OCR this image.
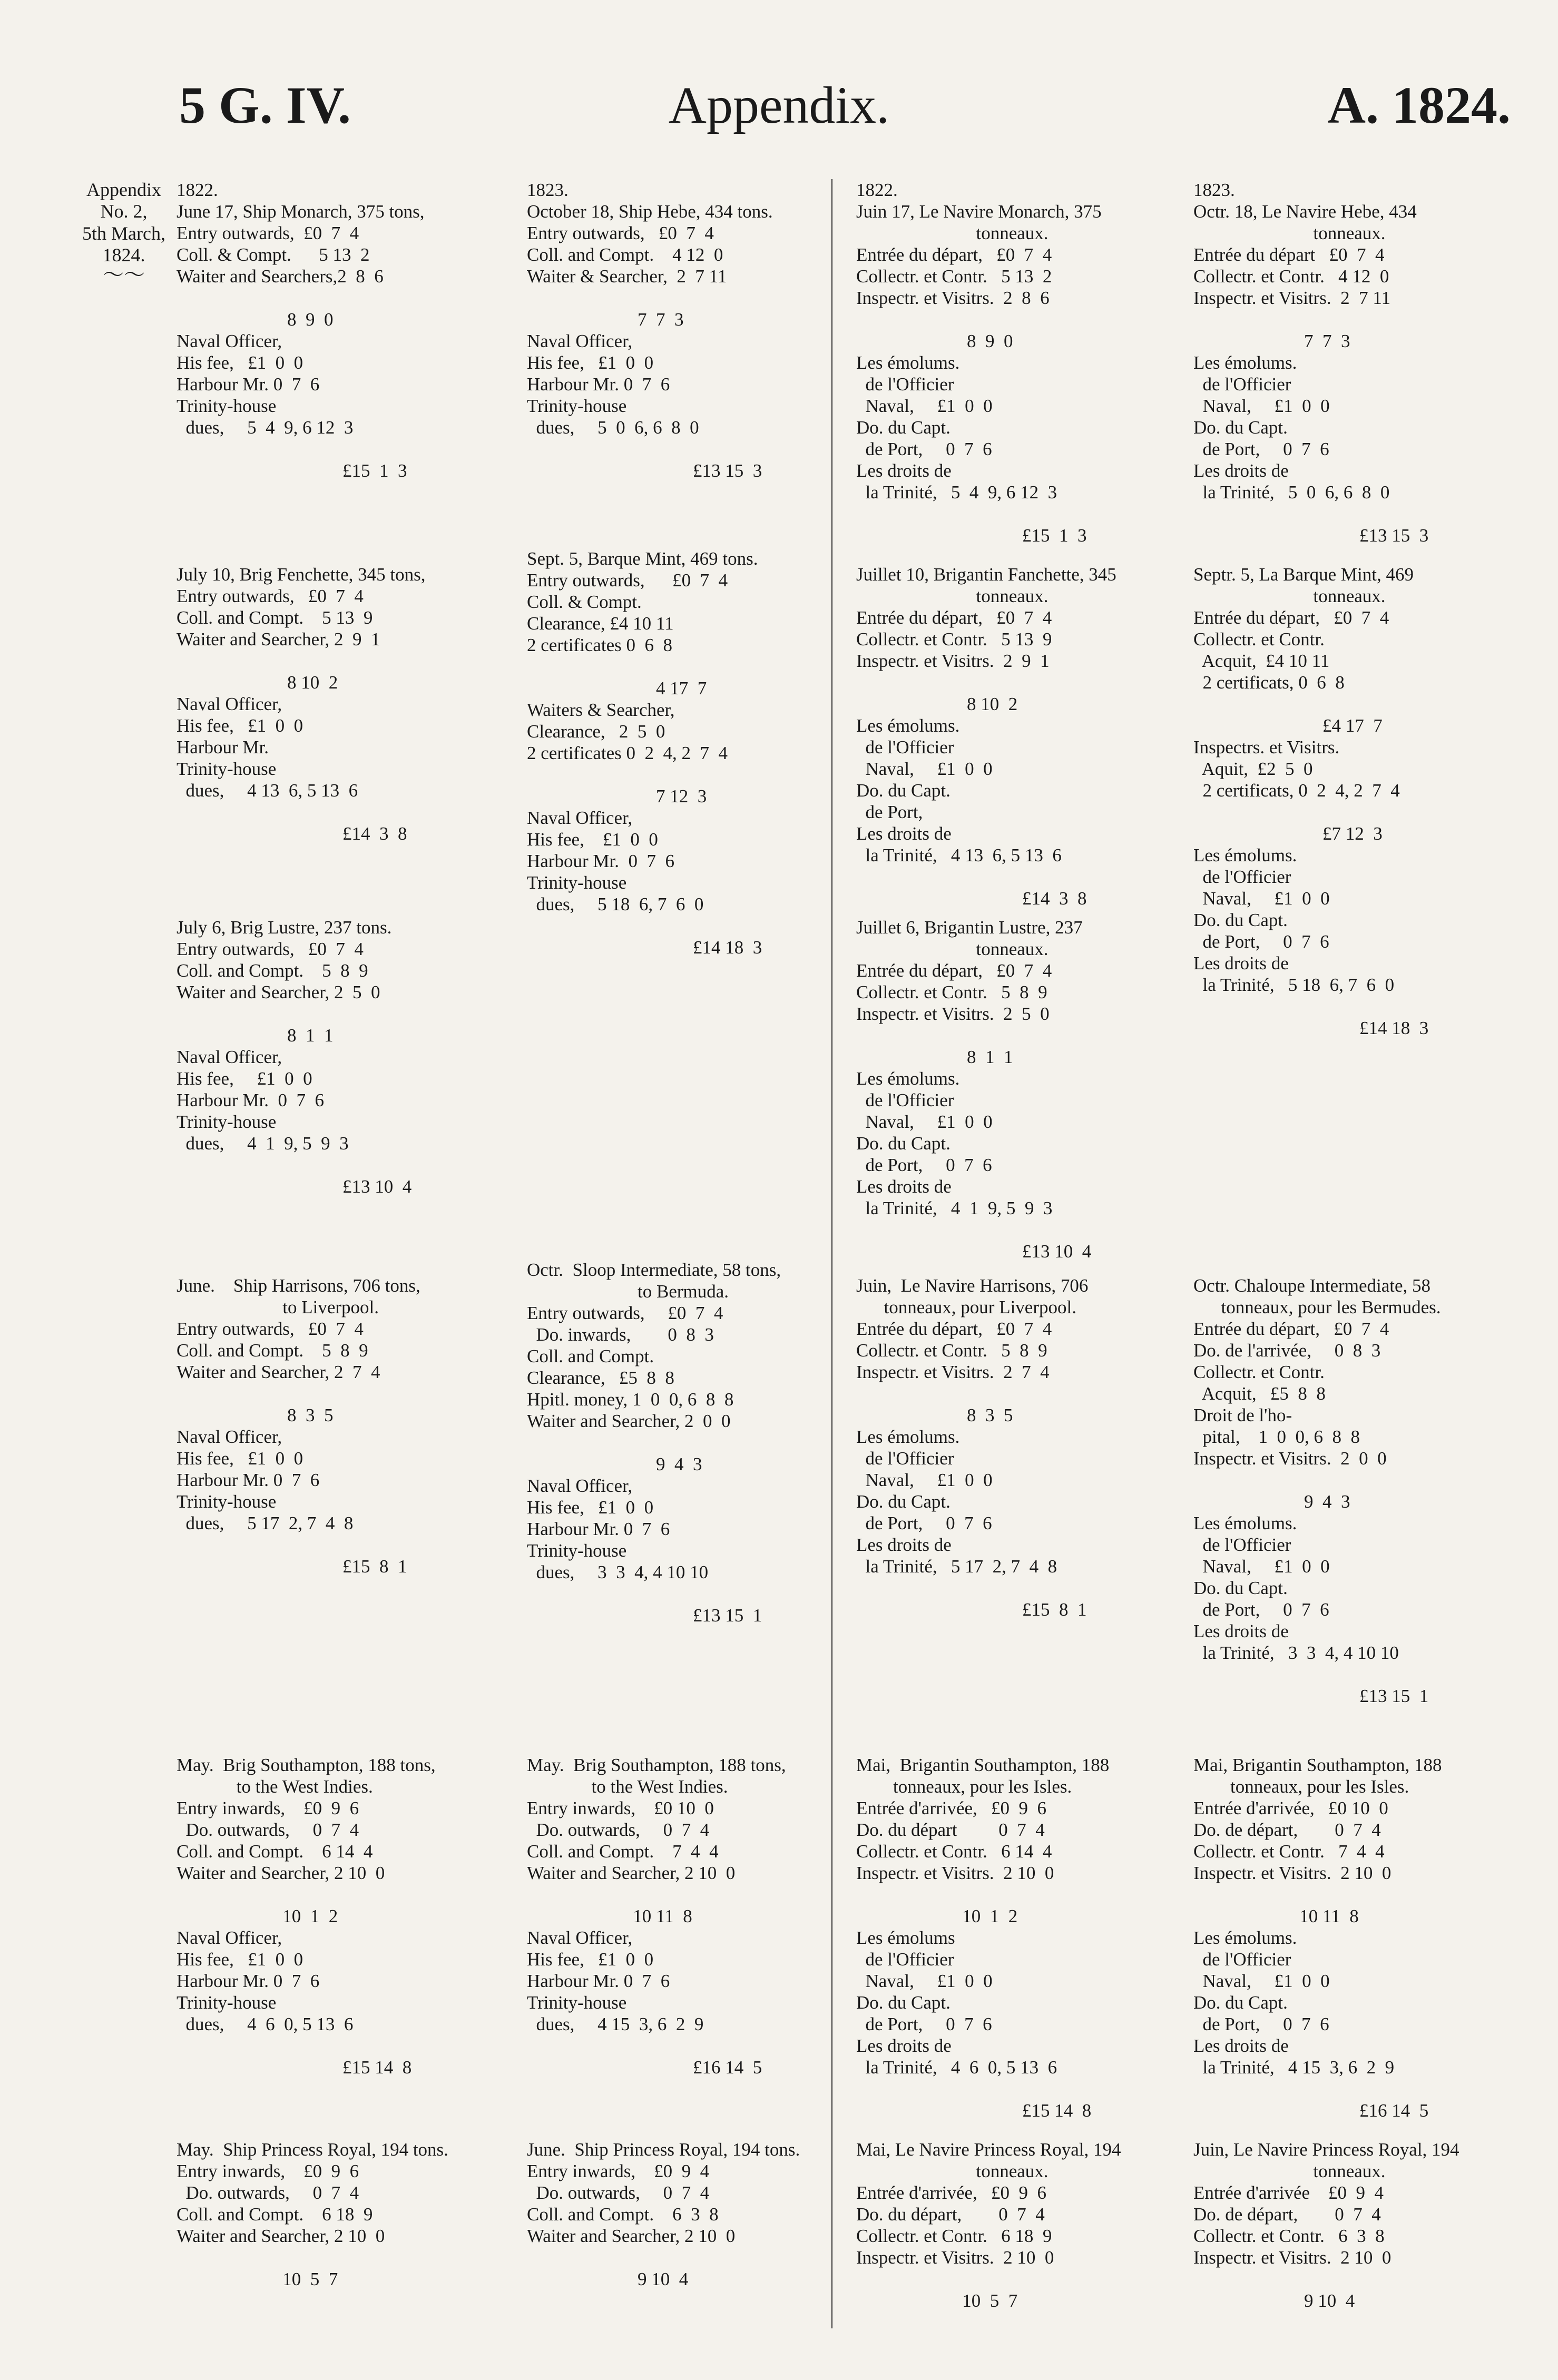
5 G. IV.	Appendix.	A. 1824.
Appendix
No. 2,
5th March,
1824.
〜〜
1822.
June 17, Ship Monarch, 375 tons,
Entry outwards,  £0  7  4
Coll. & Compt.      5 13  2
Waiter and Searchers,2  8  6

8  9  0
Naval Officer,
His fee,   £1  0  0
Harbour Mr. 0  7  6
Trinity-house
dues,     5  4  9, 6 12  3

£15  1  3
July 10, Brig Fenchette, 345 tons,
Entry outwards,   £0  7  4
Coll. and Compt.    5 13  9
Waiter and Searcher, 2  9  1

8 10  2
Naval Officer,
His fee,   £1  0  0
Harbour Mr.
Trinity-house
dues,     4 13  6, 5 13  6

£14  3  8
July 6, Brig Lustre, 237 tons.
Entry outwards,   £0  7  4
Coll. and Compt.    5  8  9
Waiter and Searcher, 2  5  0

8  1  1
Naval Officer,
His fee,     £1  0  0
Harbour Mr.  0  7  6
Trinity-house
dues,     4  1  9, 5  9  3

£13 10  4
June.    Ship Harrisons, 706 tons,
to Liverpool.
Entry outwards,   £0  7  4
Coll. and Compt.    5  8  9
Waiter and Searcher, 2  7  4

8  3  5
Naval Officer,
His fee,   £1  0  0
Harbour Mr. 0  7  6
Trinity-house
dues,     5 17  2, 7  4  8

£15  8  1
May.  Brig Southampton, 188 tons,
to the West Indies.
Entry inwards,    £0  9  6
Do. outwards,     0  7  4
Coll. and Compt.    6 14  4
Waiter and Searcher, 2 10  0

10  1  2
Naval Officer,
His fee,   £1  0  0
Harbour Mr. 0  7  6
Trinity-house
dues,     4  6  0, 5 13  6

£15 14  8
May.  Ship Princess Royal, 194 tons.
Entry inwards,    £0  9  6
Do. outwards,     0  7  4
Coll. and Compt.    6 18  9
Waiter and Searcher, 2 10  0

10  5  7
1823.
October 18, Ship Hebe, 434 tons.
Entry outwards,   £0  7  4
Coll. and Compt.    4 12  0
Waiter & Searcher,  2  7 11

7  7  3
Naval Officer,
His fee,   £1  0  0
Harbour Mr. 0  7  6
Trinity-house
dues,     5  0  6, 6  8  0

£13 15  3
Sept. 5, Barque Mint, 469 tons.
Entry outwards,      £0  7  4
Coll. & Compt.
Clearance, £4 10 11
2 certificates 0  6  8

4 17  7
Waiters & Searcher,
Clearance,   2  5  0
2 certificates 0  2  4, 2  7  4

7 12  3
Naval Officer,
His fee,    £1  0  0
Harbour Mr.  0  7  6
Trinity-house
dues,     5 18  6, 7  6  0

£14 18  3
Octr.  Sloop Intermediate, 58 tons,
to Bermuda.
Entry outwards,     £0  7  4
Do. inwards,        0  8  3
Coll. and Compt.
Clearance,   £5  8  8
Hpitl. money, 1  0  0, 6  8  8
Waiter and Searcher, 2  0  0

9  4  3
Naval Officer,
His fee,   £1  0  0
Harbour Mr. 0  7  6
Trinity-house
dues,     3  3  4, 4 10 10

£13 15  1
May.  Brig Southampton, 188 tons,
to the West Indies.
Entry inwards,    £0 10  0
Do. outwards,     0  7  4
Coll. and Compt.    7  4  4
Waiter and Searcher, 2 10  0

10 11  8
Naval Officer,
His fee,   £1  0  0
Harbour Mr. 0  7  6
Trinity-house
dues,     4 15  3, 6  2  9

£16 14  5
June.  Ship Princess Royal, 194 tons.
Entry inwards,    £0  9  4
Do. outwards,     0  7  4
Coll. and Compt.    6  3  8
Waiter and Searcher, 2 10  0

9 10  4
1822.
Juin 17, Le Navire Monarch, 375
tonneaux.
Entrée du départ,   £0  7  4
Collectr. et Contr.   5 13  2
Inspectr. et Visitrs.  2  8  6

8  9  0
Les émolums.
de l'Officier
Naval,     £1  0  0
Do. du Capt.
de Port,     0  7  6
Les droits de
la Trinité,   5  4  9, 6 12  3

£15  1  3
Juillet 10, Brigantin Fanchette, 345
tonneaux.
Entrée du départ,   £0  7  4
Collectr. et Contr.   5 13  9
Inspectr. et Visitrs.  2  9  1

8 10  2
Les émolums.
de l'Officier
Naval,     £1  0  0
Do. du Capt.
de Port,
Les droits de
la Trinité,   4 13  6, 5 13  6

£14  3  8
Juillet 6, Brigantin Lustre, 237
tonneaux.
Entrée du départ,   £0  7  4
Collectr. et Contr.   5  8  9
Inspectr. et Visitrs.  2  5  0

8  1  1
Les émolums.
de l'Officier
Naval,     £1  0  0
Do. du Capt.
de Port,     0  7  6
Les droits de
la Trinité,   4  1  9, 5  9  3

£13 10  4
Juin,  Le Navire Harrisons, 706
tonneaux, pour Liverpool.
Entrée du départ,   £0  7  4
Collectr. et Contr.   5  8  9
Inspectr. et Visitrs.  2  7  4

8  3  5
Les émolums.
de l'Officier
Naval,     £1  0  0
Do. du Capt.
de Port,     0  7  6
Les droits de
la Trinité,   5 17  2, 7  4  8

£15  8  1
Mai,  Brigantin Southampton, 188
tonneaux, pour les Isles.
Entrée d'arrivée,   £0  9  6
Do. du départ         0  7  4
Collectr. et Contr.   6 14  4
Inspectr. et Visitrs.  2 10  0

10  1  2
Les émolums
de l'Officier
Naval,     £1  0  0
Do. du Capt.
de Port,     0  7  6
Les droits de
la Trinité,   4  6  0, 5 13  6

£15 14  8
Mai, Le Navire Princess Royal, 194
tonneaux.
Entrée d'arrivée,   £0  9  6
Do. du départ,        0  7  4
Collectr. et Contr.   6 18  9
Inspectr. et Visitrs.  2 10  0

10  5  7
1823.
Octr. 18, Le Navire Hebe, 434
tonneaux.
Entrée du départ   £0  7  4
Collectr. et Contr.   4 12  0
Inspectr. et Visitrs.  2  7 11

7  7  3
Les émolums.
de l'Officier
Naval,     £1  0  0
Do. du Capt.
de Port,     0  7  6
Les droits de
la Trinité,   5  0  6, 6  8  0

£13 15  3
Septr. 5, La Barque Mint, 469
tonneaux.
Entrée du départ,   £0  7  4
Collectr. et Contr.
Acquit,  £4 10 11
2 certificats, 0  6  8

£4 17  7
Inspectrs. et Visitrs.
Aquit,  £2  5  0
2 certificats, 0  2  4, 2  7  4

£7 12  3
Les émolums.
de l'Officier
Naval,     £1  0  0
Do. du Capt.
de Port,     0  7  6
Les droits de
la Trinité,   5 18  6, 7  6  0

£14 18  3
Octr. Chaloupe Intermediate, 58
tonneaux, pour les Bermudes.
Entrée du départ,   £0  7  4
Do. de l'arrivée,     0  8  3
Collectr. et Contr.
Acquit,   £5  8  8
Droit de l'ho-
pital,    1  0  0, 6  8  8
Inspectr. et Visitrs.  2  0  0

9  4  3
Les émolums.
de l'Officier
Naval,     £1  0  0
Do. du Capt.
de Port,     0  7  6
Les droits de
la Trinité,   3  3  4, 4 10 10

£13 15  1
Mai, Brigantin Southampton, 188
tonneaux, pour les Isles.
Entrée d'arrivée,   £0 10  0
Do. de départ,        0  7  4
Collectr. et Contr.   7  4  4
Inspectr. et Visitrs.  2 10  0

10 11  8
Les émolums.
de l'Officier
Naval,     £1  0  0
Do. du Capt.
de Port,     0  7  6
Les droits de
la Trinité,   4 15  3, 6  2  9

£16 14  5
Juin, Le Navire Princess Royal, 194
tonneaux.
Entrée d'arrivée    £0  9  4
Do. de départ,        0  7  4
Collectr. et Contr.   6  3  8
Inspectr. et Visitrs.  2 10  0

9 10  4
